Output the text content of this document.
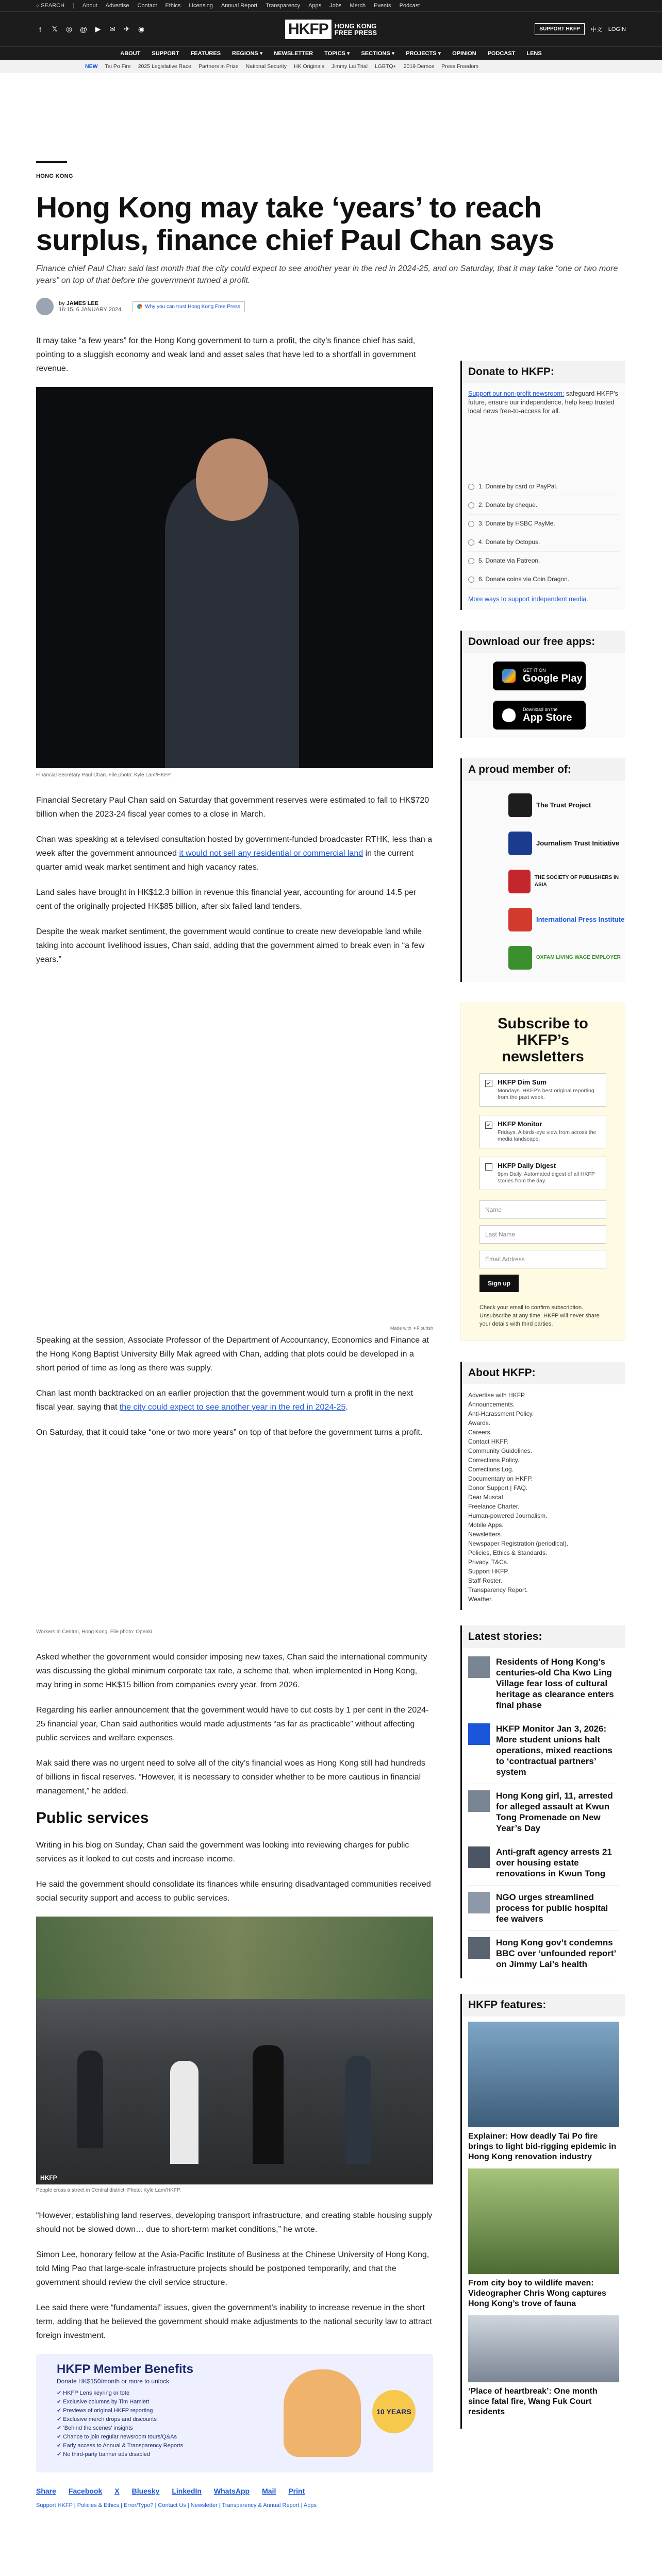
⌕ SEARCH | About Advertise Contact Ethics Licensing Annual Report Transparency Apps Jobs Merch Events Podcast
f	𝕏 ◎ @ ▶ ✉ ✈ ◉	HKFP HONG KONG
FREE PRESS	SUPPORT HKFP	中文 LOGIN
ABOUT SUPPORT FEATURES REGIONS ▾ NEWSLETTER TOPICS ▾ SECTIONS ▾ PROJECTS ▾ OPINION PODCAST LENS
NEW Tai Po Fire 2025 Legislative Race Partners in Prize National Security HK Originals Jimmy Lai Trial LGBTQ+ 2019 Demos Press Freedom
HONG KONG
Hong Kong may take ‘years’ to reach surplus, finance chief Paul Chan says

Finance chief Paul Chan said last month that the city could expect to see another year in the red in 2024-25, and on Saturday, that it may take “one or two more years” on top of that before the government turned a profit.

by JAMES LEE
16:15, 6 JANUARY 2024	Why you can trust Hong Kong Free Press

It may take “a few years” for the Hong Kong government to turn a profit, the city’s finance chief has said, pointing to a sluggish economy and weak land and asset sales that have led to a shortfall in government revenue.

Financial Secretary Paul Chan. File photo: Kyle Lam/HKFP.

Financial Secretary Paul Chan said on Saturday that government reserves were estimated to fall to HK$720 billion when the 2023-24 fiscal year comes to a close in March.

Chan was speaking at a televised consultation hosted by government-funded broadcaster RTHK, less than a week after the government announced it would not sell any residential or commercial land in the current quarter amid weak market sentiment and high vacancy rates.

Land sales have brought in HK$12.3 billion in revenue this financial year, accounting for around 14.5 per cent of the originally projected HK$85 billion, after six failed land tenders.

Despite the weak market sentiment, the government would continue to create new developable land while taking into account livelihood issues, Chan said, adding that the government aimed to break even in “a few years.”

Made with ✦Flourish

Speaking at the session, Associate Professor of the Department of Accountancy, Economics and Finance at the Hong Kong Baptist University Billy Mak agreed with Chan, adding that plots could be developed in a short period of time as long as there was supply.

Chan last month backtracked on an earlier projection that the government would turn a profit in the next fiscal year, saying that the city could expect to see another year in the red in 2024-25.

On Saturday, that it could take “one or two more years” on top of that before the government turns a profit.

Workers in Central, Hong Kong. File photo: Openki.

Asked whether the government would consider imposing new taxes, Chan said the international community was discussing the global minimum corporate tax rate, a scheme that, when implemented in Hong Kong, may bring in some HK$15 billion from companies every year, from 2026.

Regarding his earlier announcement that the government would have to cut costs by 1 per cent in the 2024-25 financial year, Chan said authorities would made adjustments “as far as practicable” without affecting public services and welfare expenses.

Mak said there was no urgent need to solve all of the city’s financial woes as Hong Kong still had hundreds of billions in fiscal reserves. “However, it is necessary to consider whether to be more cautious in financial management,” he added.

Public services

Writing in his blog on Sunday, Chan said the government was looking into reviewing charges for public services as it looked to cut costs and increase income.

He said the government should consolidate its finances while ensuring disadvantaged communities received social security support and access to public services.

HKFP
People cross a street in Central district. Photo: Kyle Lam/HKFP.

“However, establishing land reserves, developing transport infrastructure, and creating stable housing supply should not be slowed down… due to short-term market conditions,” he wrote.

Simon Lee, honorary fellow at the Asia-Pacific Institute of Business at the Chinese University of Hong Kong, told Ming Pao that large-scale infrastructure projects should be postponed temporarily, and that the government should review the civil service structure.

Lee said there were “fundamental” issues, given the government’s inability to increase revenue in the short term, adding that he believed the government should make adjustments to the national security law to attract foreign investment.

HKFP Member Benefits
Donate HK$150/month or more to unlock
✔ HKFP Lens keyring or tote
✔ Exclusive columns by Tim Hamlett
✔ Previews of original HKFP reporting
✔ Exclusive merch drops and discounts
✔ ‘Behind the scenes’ insights
✔ Chance to join regular newsroom tours/Q&As
✔ Early access to Annual & Transparency Reports
✔ No third-party banner ads disabled
10 YEARS
Share Facebook X Bluesky LinkedIn WhatsApp Mail Print
Support HKFP | Policies & Ethics | Error/Typo? | Contact Us | Newsletter | Transparency & Annual Report | Apps
Donate to HKFP:
Support our non-profit newsroom: safeguard HKFP’s future, ensure our independence, help keep trusted local news free-to-access for all.
1. Donate by card or PayPal.
2. Donate by cheque.
3. Donate by HSBC PayMe.
4. Donate by Octopus.
5. Donate via Patreon.
6. Donate coins via Coin Dragon.
More ways to support independent media.
Download our free apps:
GET IT ON
Google Play
Download on the
App Store
A proud member of:
The Trust Project
Journalism Trust Initiative
THE SOCIETY OF PUBLISHERS IN ASIA
International Press Institute
OXFAM LIVING WAGE EMPLOYER
Subscribe to HKFP’s newsletters
✔ HKFP Dim Sum
Mondays. HKFP’s best original reporting from the past week.
✔ HKFP Monitor
Fridays. A birds-eye view from across the media landscape.
HKFP Daily Digest
9pm Daily. Automated digest of all HKFP stories from the day.
Name
Last Name
Email Address
Sign up

Check your email to confirm subscription. Unsubscribe at any time. HKFP will never share your details with third parties.

About HKFP:
Advertise with HKFP.
Announcements.
Anti-Harassment Policy.
Awards.
Careers.
Contact HKFP.
Community Guidelines.
Corrections Policy.
Corrections Log.
Documentary on HKFP.
Donor Support | FAQ.
Dear Muscat.
Freelance Charter.
Human-powered Journalism.
Mobile Apps.
Newsletters.
Newspaper Registration (periodical).
Policies, Ethics & Standards.
Privacy, T&Cs.
Support HKFP.
Staff Roster.
Transparency Report.
Weather.
Latest stories:
Residents of Hong Kong’s centuries-old Cha Kwo Ling Village fear loss of cultural heritage as clearance enters final phase
HKFP Monitor Jan 3, 2026: More student unions halt operations, mixed reactions to ‘contractual partners’ system
Hong Kong girl, 11, arrested for alleged assault at Kwun Tong Promenade on New Year’s Day
Anti-graft agency arrests 21 over housing estate renovations in Kwun Tong
NGO urges streamlined process for public hospital fee waivers
Hong Kong gov’t condemns BBC over ‘unfounded report’ on Jimmy Lai’s health
HKFP features:
Explainer: How deadly Tai Po fire brings to light bid-rigging epidemic in Hong Kong renovation industry
From city boy to wildlife maven: Videographer Chris Wong captures Hong Kong’s trove of fauna
‘Place of heartbreak’: One month since fatal fire, Wang Fuk Court residents
